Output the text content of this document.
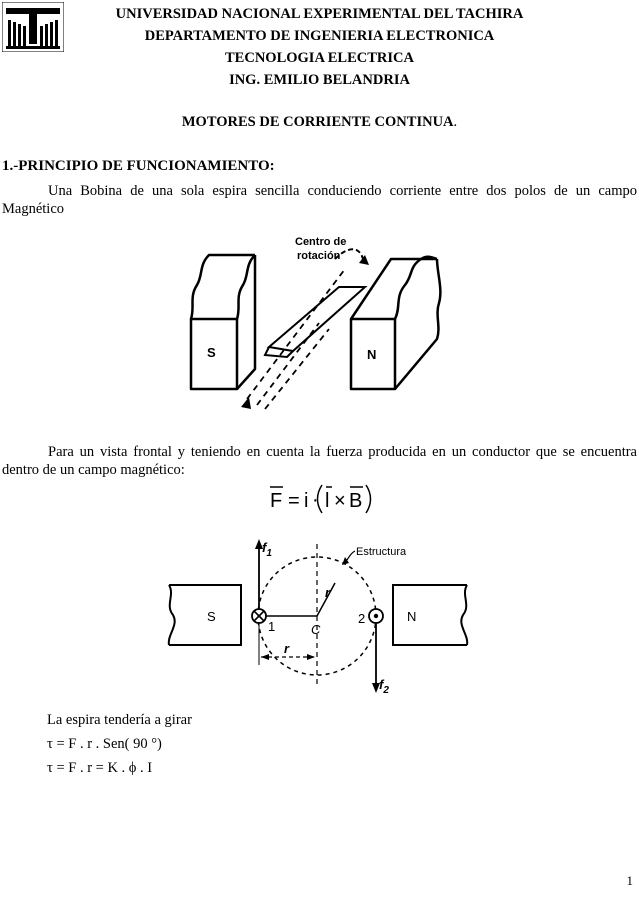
UNIVERSIDAD NACIONAL EXPERIMENTAL DEL TACHIRA
DEPARTAMENTO DE INGENIERIA ELECTRONICA
TECNOLOGIA ELECTRICA
ING. EMILIO BELANDRIA
MOTORES DE CORRIENTE CONTINUA.
1.-PRINCIPIO DE FUNCIONAMIENTO:
Una Bobina de una sola espira sencilla conduciendo corriente entre dos polos de un campo Magnético
Centro de
rotación
S	N
Para un vista frontal y teniendo en cuenta la fuerza producida en un conductor que se encuentra dentro de un campo magnético:
F = i · l × B
$f_1$
$f_2$
Estructura
r
r
C
S	N
1
2
La espira tendería a girar
τ = F . r . Sen( 90 °)
τ = F . r = K . ϕ . I
1
